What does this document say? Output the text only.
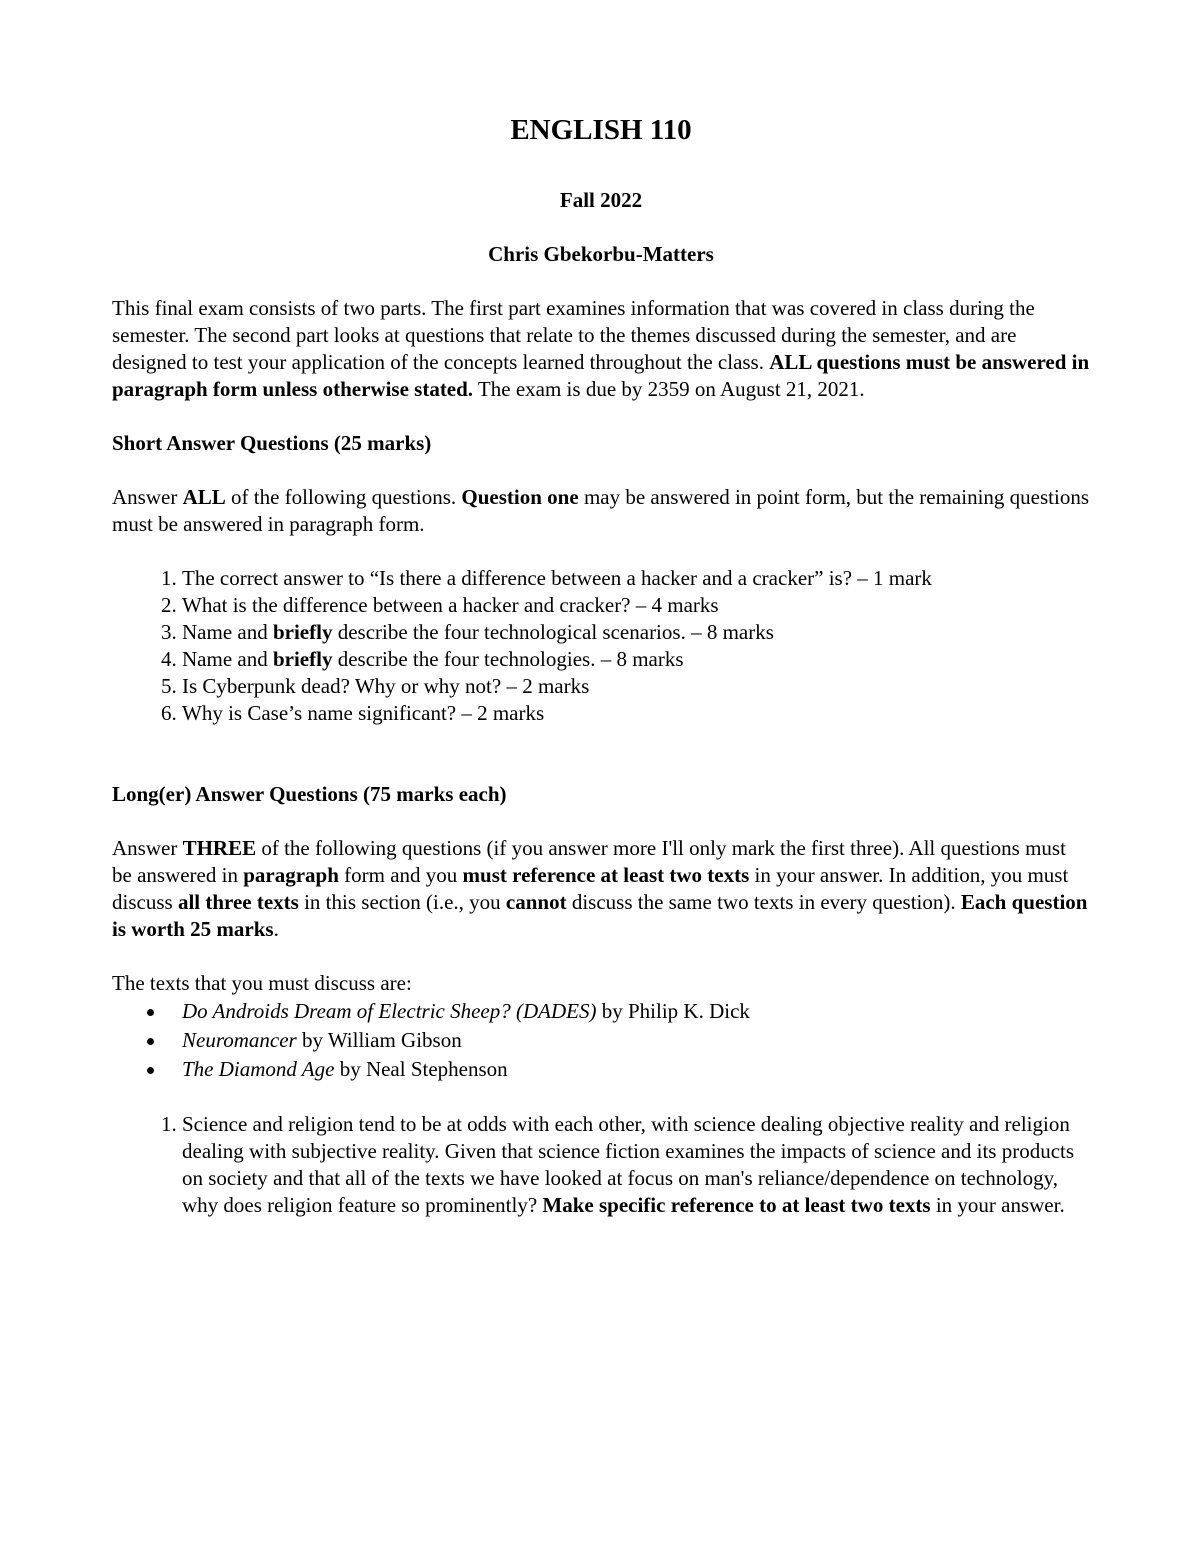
ENGLISH 110
Fall 2022
Chris Gbekorbu-Matters

This final exam consists of two parts. The first part examines information that was covered in class during the semester. The second part looks at questions that relate to the themes discussed during the semester, and are designed to test your application of the concepts learned throughout the class. ALL questions must be answered in paragraph form unless otherwise stated. The exam is due by 2359 on August 21, 2021.

Short Answer Questions (25 marks)

Answer ALL of the following questions. Question one may be answered in point form, but the remaining questions must be answered in paragraph form.

1. The correct answer to “Is there a difference between a hacker and a cracker” is? – 1 mark
2. What is the difference between a hacker and cracker? – 4 marks
3. Name and briefly describe the four technological scenarios. – 8 marks
4. Name and briefly describe the four technologies. – 8 marks
5. Is Cyberpunk dead? Why or why not? – 2 marks
6. Why is Case’s name significant? – 2 marks

Long(er) Answer Questions (75 marks each)

Answer THREE of the following questions (if you answer more I'll only mark the first three). All questions must be answered in paragraph form and you must reference at least two texts in your answer. In addition, you must discuss all three texts in this section (i.e., you cannot discuss the same two texts in every question). Each question is worth 25 marks.

The texts that you must discuss are:

Do Androids Dream of Electric Sheep? (DADES) by Philip K. Dick
Neuromancer by William Gibson
The Diamond Age by Neal Stephenson
1. Science and religion tend to be at odds with each other, with science dealing objective reality and religion dealing with subjective reality. Given that science fiction examines the impacts of science and its products on society and that all of the texts we have looked at focus on man's reliance/dependence on technology, why does religion feature so prominently? Make specific reference to at least two texts in your answer.
